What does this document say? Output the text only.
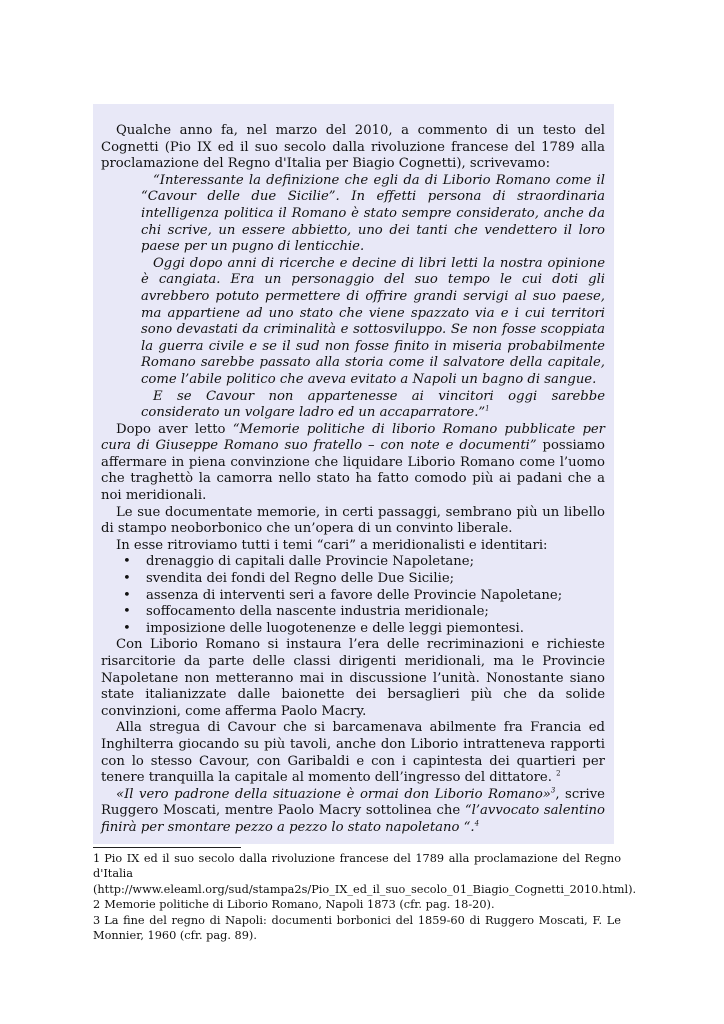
Qualche anno fa, nel marzo del 2010, a commento di un testo del Cognetti (Pio IX ed il suo secolo dalla rivoluzione francese del 1789 alla proclamazione del Regno d'Italia per Biagio Cognetti), scrivevamo:

“Interessante la definizione che egli da di Liborio Romano come il “Cavour delle due Sicilie”. In effetti persona di straordinaria intelligenza politica il Romano è stato sempre considerato, anche da chi scrive, un essere abbietto, uno dei tanti che vendettero il loro paese per un pugno di lenticchie.

Oggi dopo anni di ricerche e decine di libri letti la nostra opinione è cangiata. Era un personaggio del suo tempo le cui doti gli avrebbero potuto permettere di offrire grandi servigi al suo paese, ma appartiene ad uno stato che viene spazzato via e i cui territori sono devastati da criminalità e sottosviluppo. Se non fosse scoppiata la guerra civile e se il sud non fosse finito in miseria probabilmente Romano sarebbe passato alla storia come il salvatore della capitale, come l’abile politico che aveva evitato a Napoli un bagno di sangue.

E se Cavour non appartenesse ai vincitori oggi sarebbe considerato un volgare ladro ed un accaparratore.”$^1$

Dopo aver letto “Memorie politiche di liborio Romano pubblicate per cura di Giuseppe Romano suo fratello – con note e documenti” possiamo affermare in piena convinzione che liquidare Liborio Romano come l’uomo che traghettò la camorra nello stato ha fatto comodo più ai padani che a noi meridionali.

Le sue documentate memorie, in certi passaggi, sembrano più un libello di stampo neoborbonico che un’opera di un convinto liberale.

In esse ritroviamo tutti i temi “cari” a meridionalisti e identitari:

• drenaggio di capitali dalle Provincie Napoletane;
• svendita dei fondi del Regno delle Due Sicilie;
• assenza di interventi seri a favore delle Provincie Napoletane;
• soffocamento della nascente industria meridionale;
• imposizione delle luogotenenze e delle leggi piemontesi.

Con Liborio Romano si instaura l’era delle recriminazioni e richieste risarcitorie da parte delle classi dirigenti meridionali, ma le Provincie Napoletane non metteranno mai in discussione l’unità. Nonostante siano state italianizzate dalle baionette dei bersaglieri più che da solide convinzioni, come afferma Paolo Macry.

Alla stregua di Cavour che si barcamenava abilmente fra Francia ed Inghilterra giocando su più tavoli, anche don Liborio intratteneva rapporti con lo stesso Cavour, con Garibaldi e con i capintesta dei quartieri per tenere tranquilla la capitale al momento dell’ingresso del dittatore. $^2$

«Il vero padrone della situazione è ormai don Liborio Romano»$^3$, scrive Ruggero Moscati, mentre Paolo Macry sottolinea che “l’avvocato salentino finirà per smontare pezzo a pezzo lo stato napoletano “.$^4$

1 Pio IX ed il suo secolo dalla rivoluzione francese del 1789 alla proclamazione del Regno d'Italia (http://www.eleaml.org/sud/stampa2s/Pio_IX_ed_il_suo_secolo_01_Biagio_Cognetti_2010.html).

2 Memorie politiche di Liborio Romano, Napoli 1873 (cfr. pag. 18-20).

3 La fine del regno di Napoli: documenti borbonici del 1859-60 di Ruggero Moscati, F. Le Monnier, 1960 (cfr. pag. 89).
